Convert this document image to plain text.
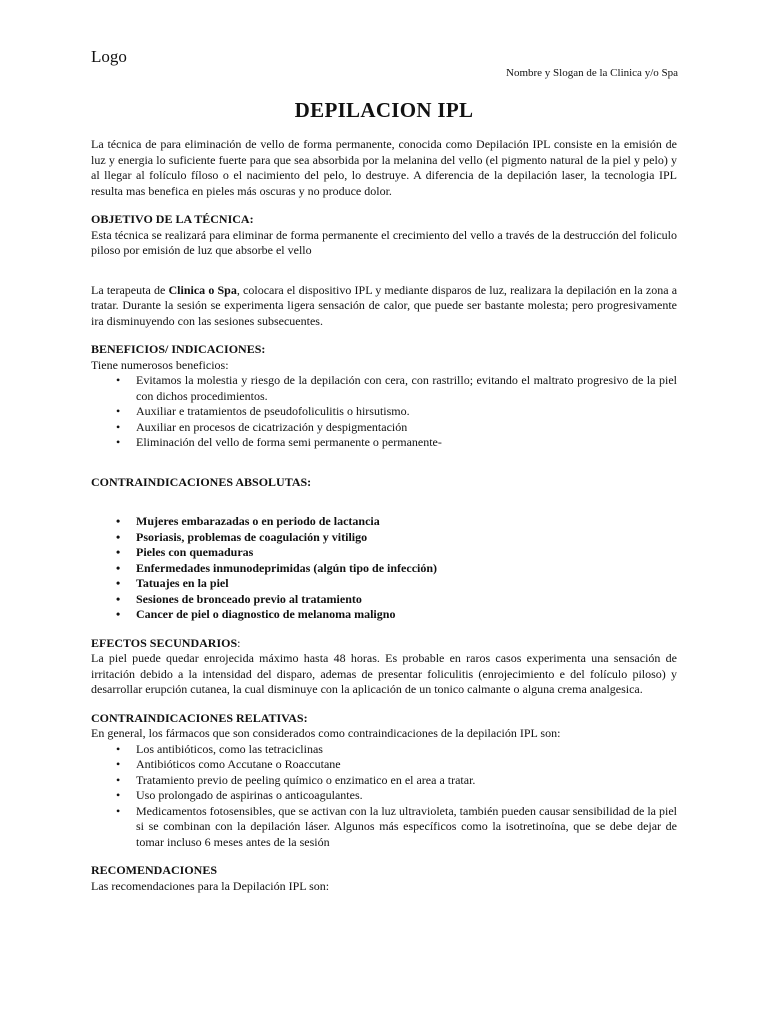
Logo
Nombre y Slogan de la Clinica y/o Spa
DEPILACION IPL

La técnica de para eliminación de vello de forma permanente, conocida como Depilación IPL consiste en la emisión de luz y energia lo suficiente fuerte para que sea absorbida por la melanina del vello (el pigmento natural de la piel y pelo) y al llegar al folículo fíloso o el nacimiento del pelo, lo destruye. A diferencia de la depilación laser, la tecnologia IPL resulta mas benefica en pieles más oscuras y no produce dolor.

OBJETIVO DE LA TÉCNICA:

Esta técnica se realizará para eliminar de forma permanente el crecimiento del vello a través de la destrucción del foliculo piloso por emisión de luz que absorbe el vello

La terapeuta de Clinica o Spa, colocara el dispositivo IPL y mediante disparos de luz, realizara la depilación en la zona a tratar. Durante la sesión se experimenta ligera sensación de calor, que puede ser bastante molesta; pero progresivamente ira disminuyendo con las sesiones subsecuentes.

BENEFICIOS/ INDICACIONES:

Tiene numerosos beneficios:

• Evitamos la molestia y riesgo de la depilación con cera, con rastrillo; evitando el maltrato progresivo de la piel con dichos procedimientos.
• Auxiliar e tratamientos de pseudofoliculitis o hirsutismo.
• Auxiliar en procesos de cicatrización y despigmentación
• Eliminación del vello de forma semi permanente o permanente-
CONTRAINDICACIONES ABSOLUTAS:
• Mujeres embarazadas o en periodo de lactancia
• Psoriasis, problemas de coagulación y vitiligo
• Pieles con quemaduras
• Enfermedades inmunodeprimidas (algún tipo de infección)
• Tatuajes en la piel
• Sesiones de bronceado previo al tratamiento
• Cancer de piel o diagnostico de melanoma maligno
EFECTOS SECUNDARIOS:

La piel puede quedar enrojecida máximo hasta 48 horas. Es probable en raros casos experimenta una sensación de irritación debido a la intensidad del disparo, ademas de presentar foliculitis (enrojecimiento e del folículo piloso) y desarrollar erupción cutanea, la cual disminuye con la aplicación de un tonico calmante o alguna crema analgesica.

CONTRAINDICACIONES RELATIVAS:

En general, los fármacos que son considerados como contraindicaciones de la depilación IPL son:

• Los antibióticos, como las tetraciclinas
• Antibióticos como Accutane o Roaccutane
• Tratamiento previo de peeling químico o enzimatico en el area a tratar.
• Uso prolongado de aspirinas o anticoagulantes.
• Medicamentos fotosensibles, que se activan con la luz ultravioleta, también pueden causar sensibilidad de la piel si se combinan con la depilación láser. Algunos más específicos como la isotretinoína, que se debe dejar de tomar incluso 6 meses antes de la sesión
RECOMENDACIONES

Las recomendaciones para la Depilación IPL son:
